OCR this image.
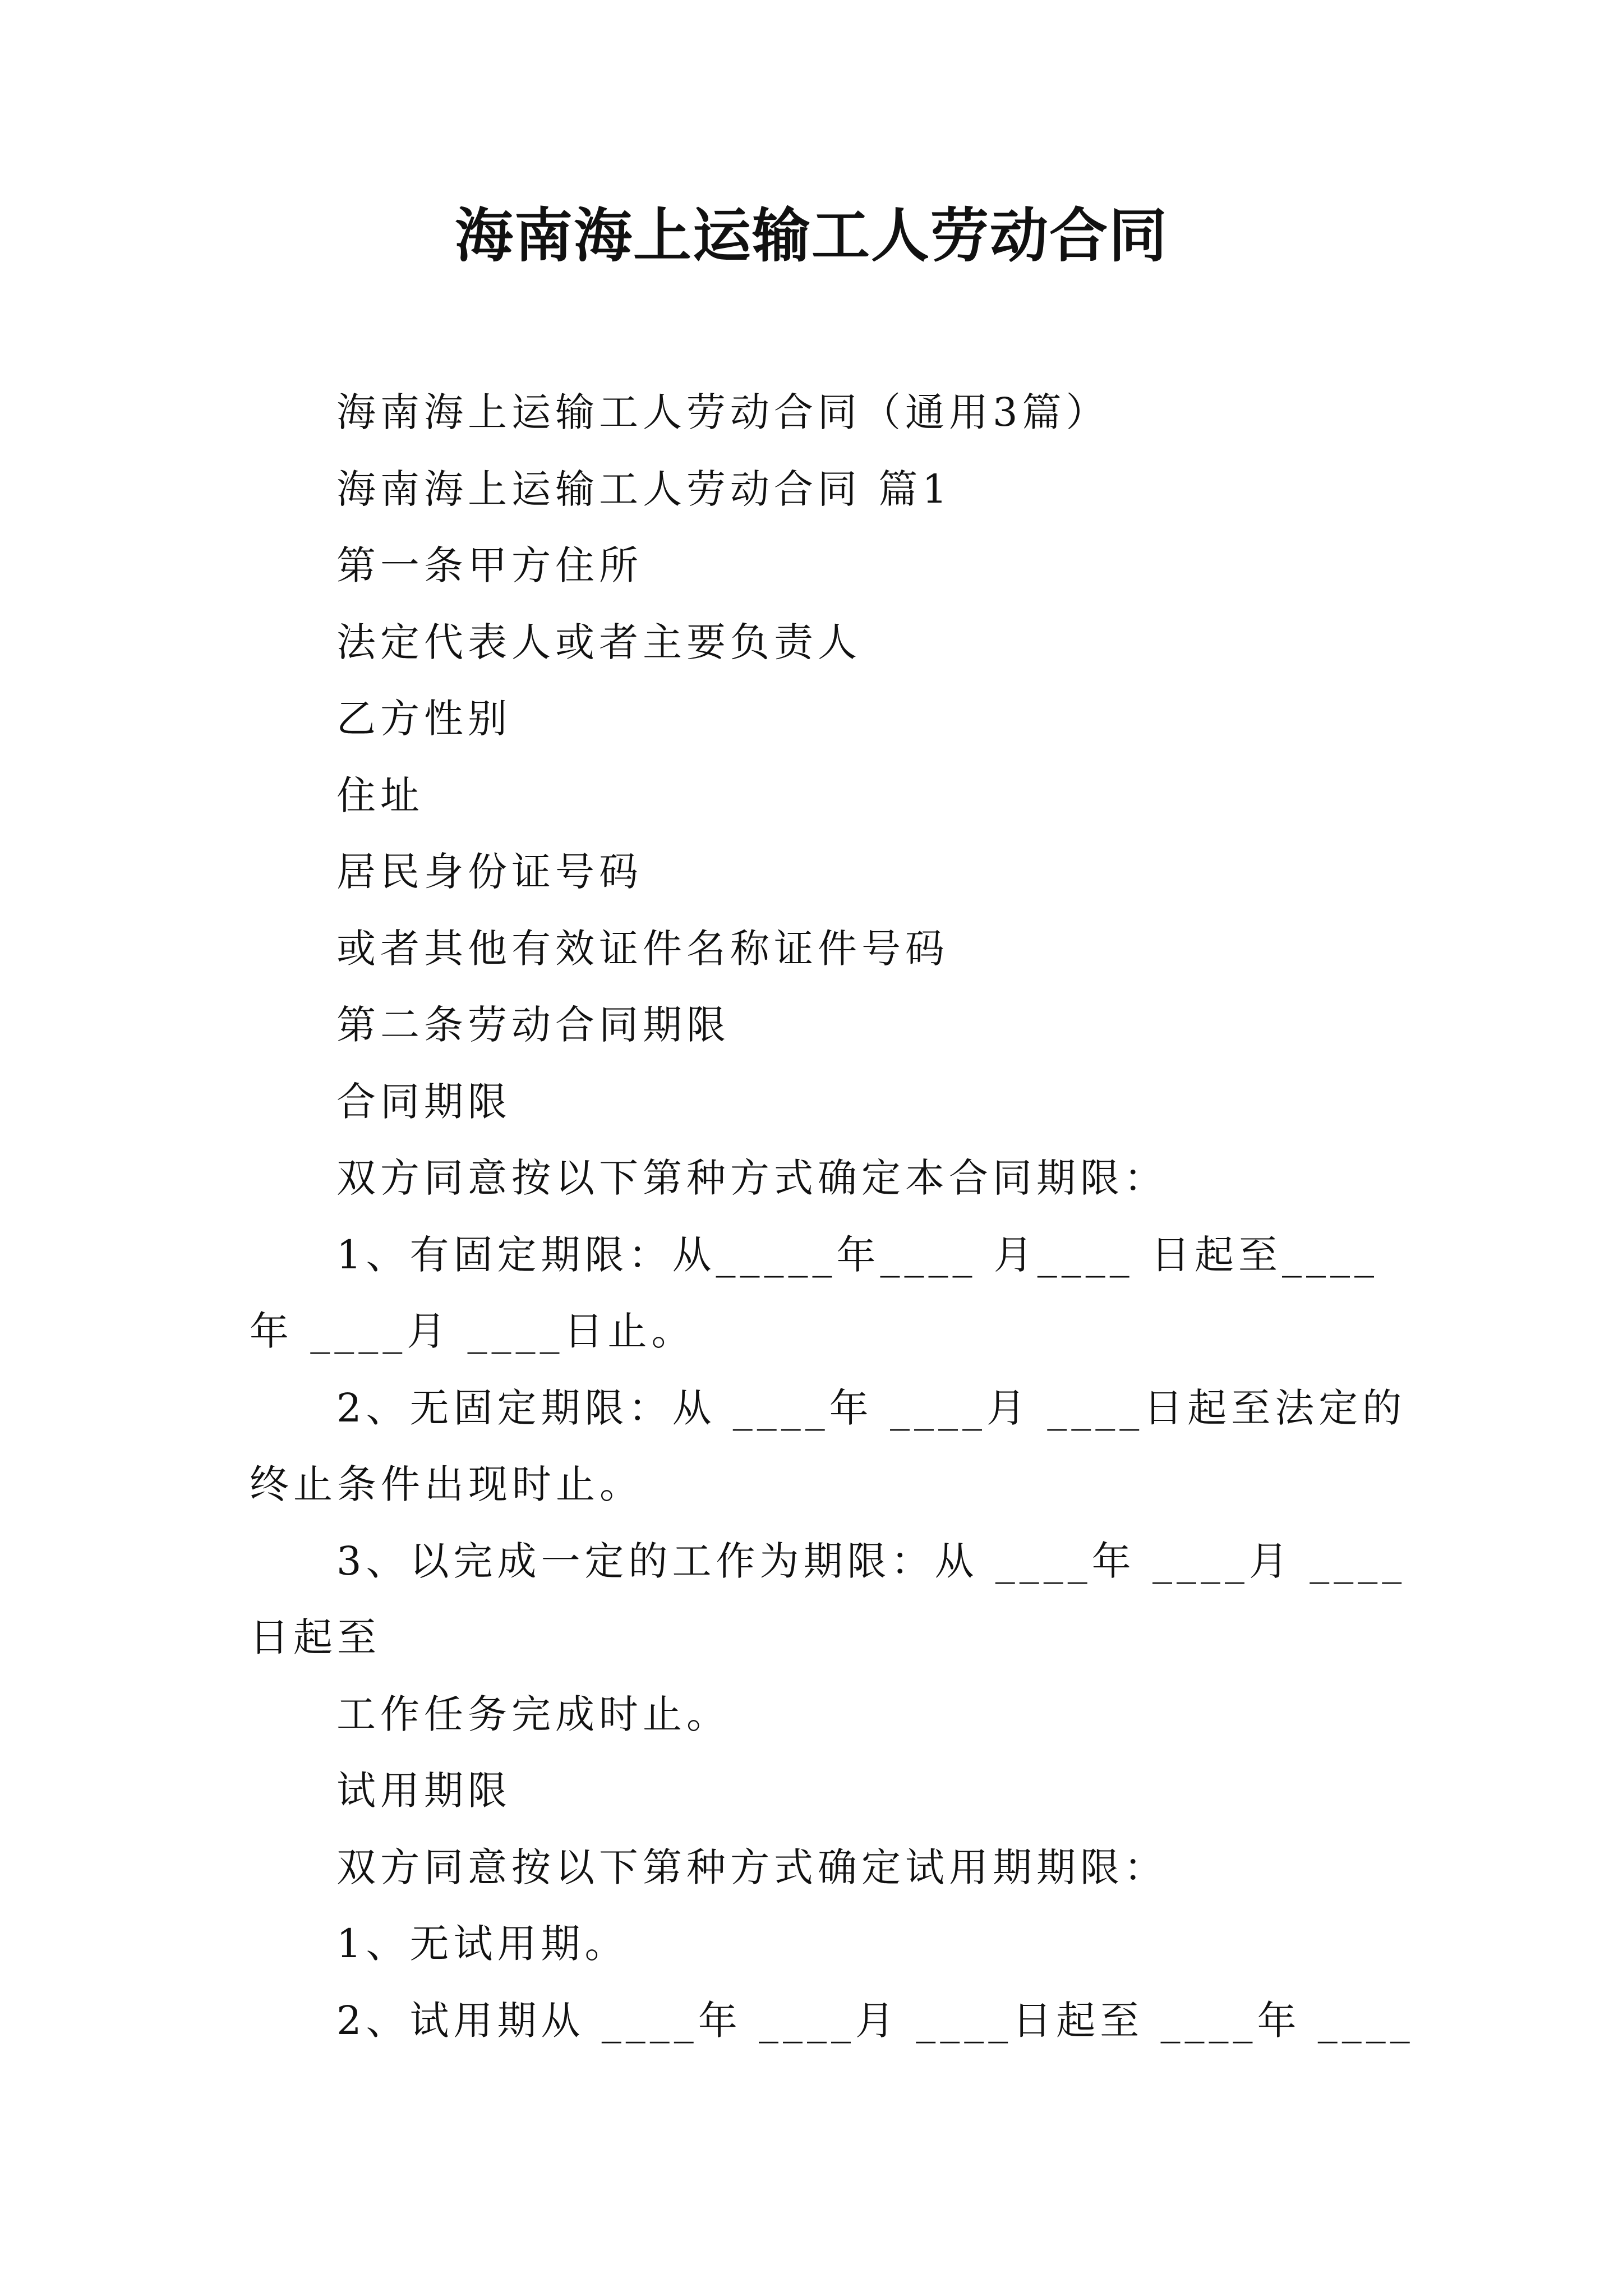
海南海上运输工人劳动合同
海南海上运输工人劳动合同（通用3篇）
海南海上运输工人劳动合同 篇1
第一条甲方住所
法定代表人或者主要负责人
乙方性别
住址
居民身份证号码
或者其他有效证件名称证件号码
第二条劳动合同期限
合同期限
双方同意按以下第种方式确定本合同期限：
1、有固定期限：从_____年____ 月____ 日起至____
年 ____月 ____日止。
2、无固定期限：从 ____年 ____月 ____日起至法定的
终止条件出现时止。
3、以完成一定的工作为期限：从 ____年 ____月 ____
日起至
工作任务完成时止。
试用期限
双方同意按以下第种方式确定试用期期限：
1、无试用期。
2、试用期从 ____年 ____月 ____日起至 ____年 ____
